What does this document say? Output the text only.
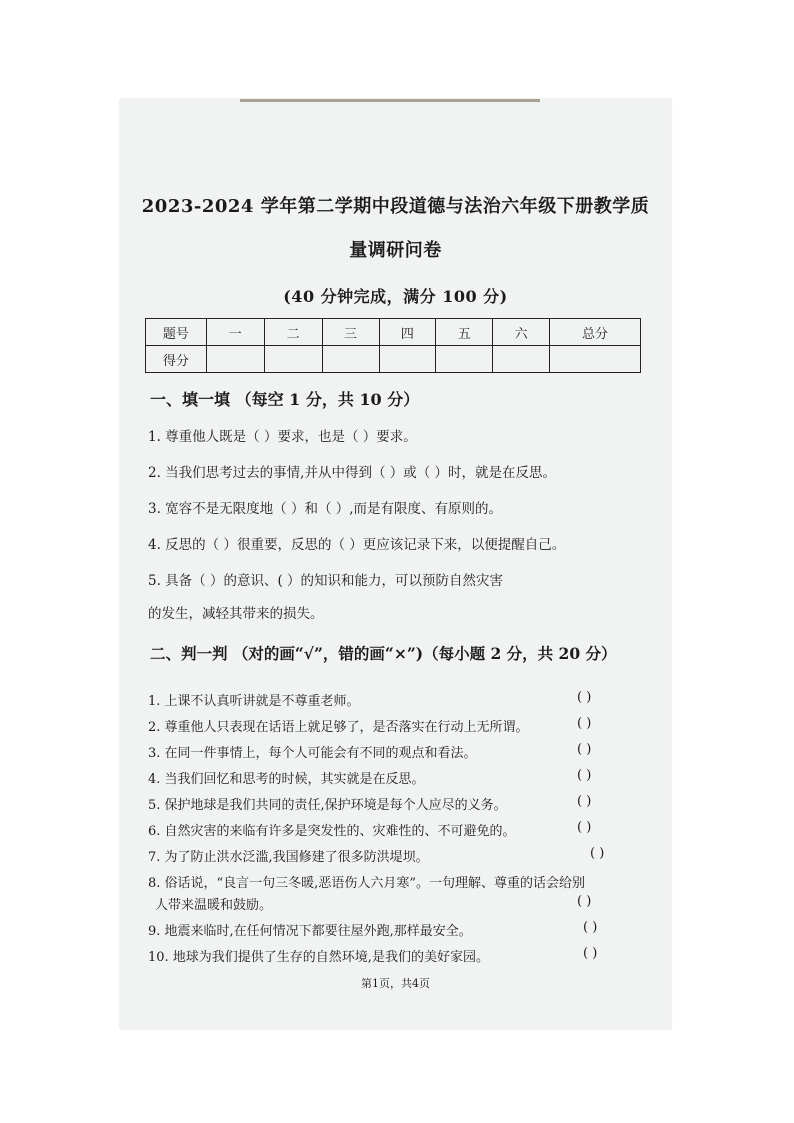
2023-2024 学年第二学期中段道德与法治六年级下册教学质
量调研问卷
(40 分钟完成，满分 100 分)
题号	一	二	三	四	五	六	总分
得分							
一、填一填 （每空 1 分，共 10 分）
1. 尊重他人既是（ ）要求，也是（ ）要求。
2. 当我们思考过去的事情,并从中得到（ ）或（ ）时，就是在反思。
3. 宽容不是无限度地（ ）和（ ）,而是有限度、有原则的。
4. 反思的（ ）很重要，反思的（ ）更应该记录下来，以便提醒自己。
5. 具备（ ）的意识、( ）的知识和能力，可以预防自然灾害
的发生，减轻其带来的损失。
二、判一判 （对的画“√”，错的画“×”)（每小题 2 分，共 20 分）
1. 上课不认真听讲就是不尊重老师。	( )
2. 尊重他人只表现在话语上就足够了，是否落实在行动上无所谓。	( )
3. 在同一件事情上，每个人可能会有不同的观点和看法。	( )
4. 当我们回忆和思考的时候，其实就是在反思。	( )
5. 保护地球是我们共同的责任,保护环境是每个人应尽的义务。	( )
6. 自然灾害的来临有许多是突发性的、灾难性的、不可避免的。	( )
7. 为了防止洪水泛滥,我国修建了很多防洪堤坝。	( )
8. 俗话说，“良言一句三冬暖,恶语伤人六月寒”。一句理解、尊重的话会给别
人带来温暖和鼓励。	( )
9. 地震来临时,在任何情况下都要往屋外跑,那样最安全。	( )
10. 地球为我们提供了生存的自然环境,是我们的美好家园。	( )
第1页，共4页
